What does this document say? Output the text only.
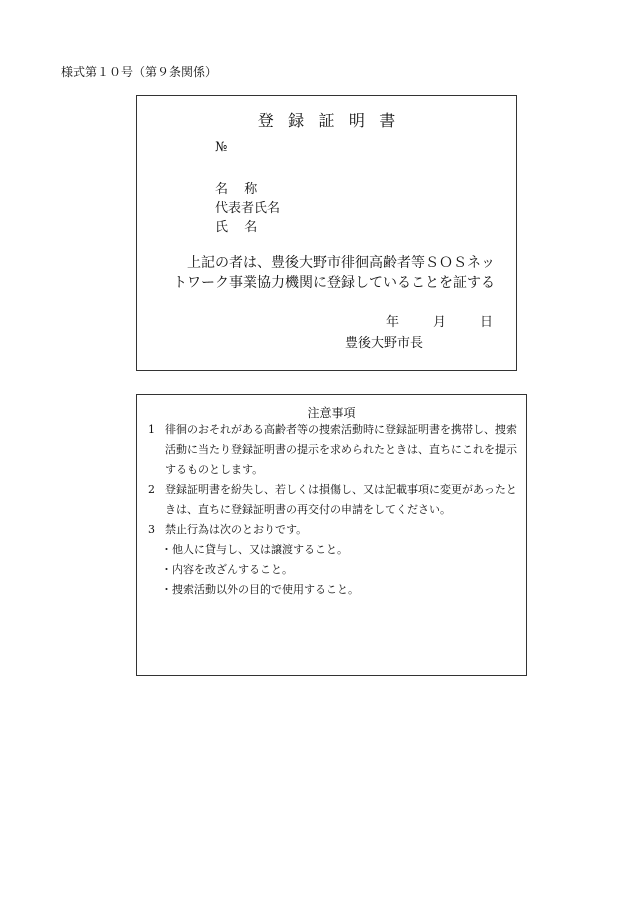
様式第１０号（第９条関係）
登録証明書
№
名称
代表者氏名
氏名
上記の者は、豊後大野市徘徊高齢者等ＳＯＳネットワーク事業協力機関に登録していることを証する
年	月	日
豊後大野市長
注意事項
1 徘徊のおそれがある高齢者等の捜索活動時に登録証明書を携帯し、捜索活動に当たり登録証明書の提示を求められたときは、直ちにこれを提示するものとします。
2 登録証明書を紛失し、若しくは損傷し、又は記載事項に変更があったときは、直ちに登録証明書の再交付の申請をしてください。
3 禁止行為は次のとおりです。
・他人に貸与し、又は譲渡すること。
・内容を改ざんすること。
・捜索活動以外の目的で使用すること。
